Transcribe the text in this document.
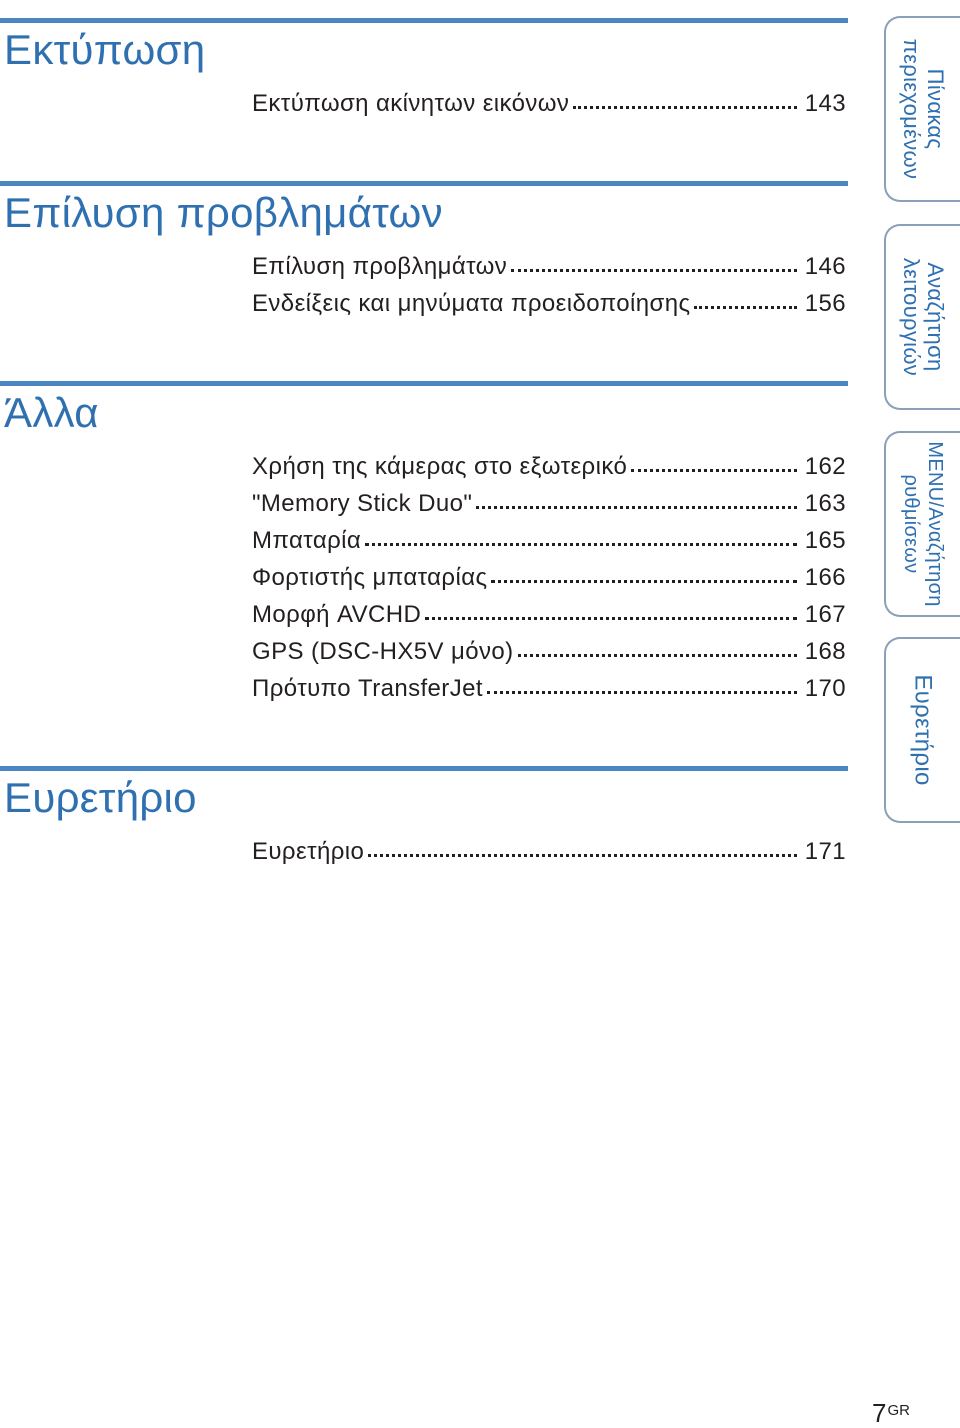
Εκτύπωση
Εκτύπωση ακίνητων εικόνων	143
Επίλυση προβλημάτων
Επίλυση προβλημάτων	146
Ενδείξεις και μηνύματα προειδοποίησης	156
Άλλα
Χρήση της κάμερας στο εξωτερικό	162
"Memory Stick Duo"	163
Μπαταρία	165
Φορτιστής μπαταρίας	166
Μορφή AVCHD	167
GPS (DSC-HX5V μόνο)	168
Πρότυπο TransferJet	170
Ευρετήριο
Ευρετήριο	171
Πίνακας
περιεχομένων
Αναζήτηση
λειτουργιών
MENU/Αναζήτηση
ρυθμίσεων
Ευρετήριο
$7^{GR}$
